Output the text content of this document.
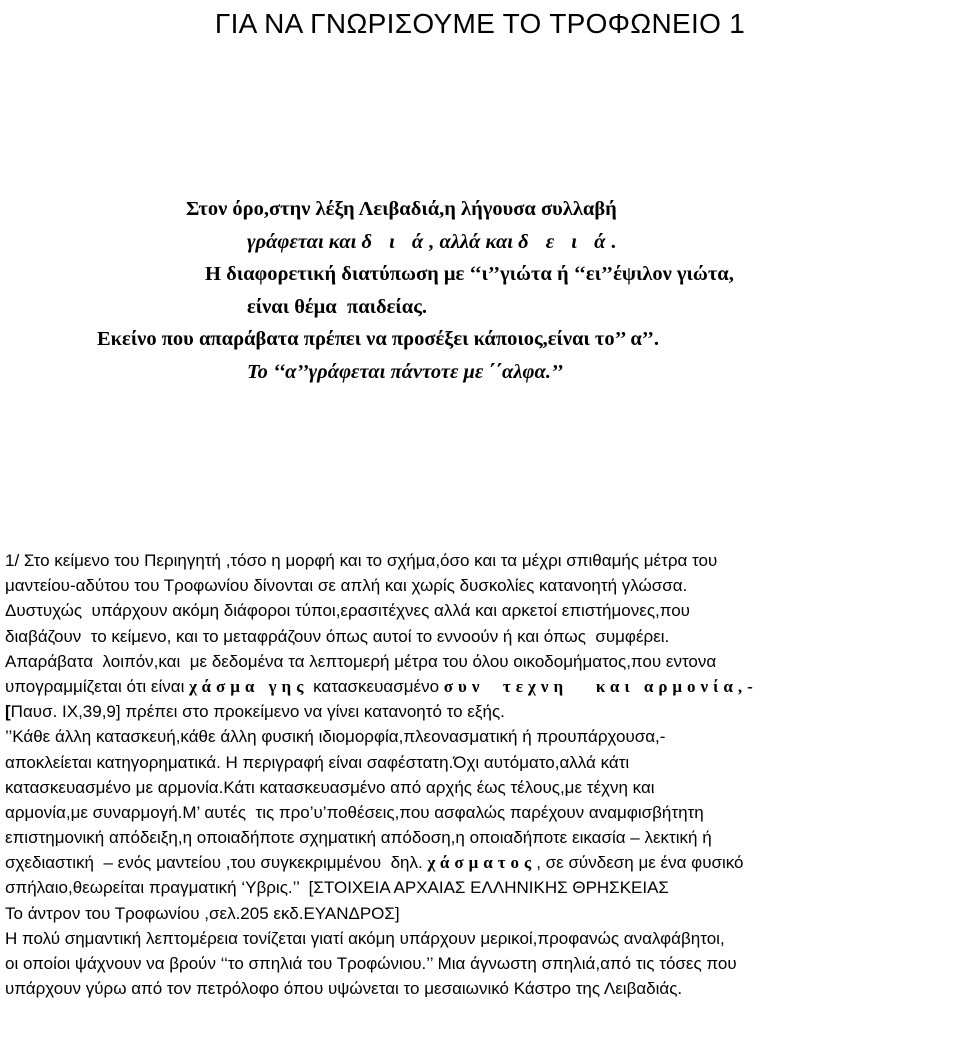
ΓΙΑ ΝΑ ΓΝΩΡΙΣΟΥΜΕ ΤΟ ΤΡΟΦΩΝΕΙΟ 1
Στον όρο,στην λέξη Λειβαδιά,η λήγουσα συλλαβή
γράφεται και δ ι ά, αλλά και δ ε ι ά.
Η διαφορετική διατύπωση με ‘‘ι’’γιώτα ή ‘‘ει’’έψιλον γιώτα,
είναι θέμα  παιδείας.
Εκείνο που απαράβατα πρέπει να προσέξει κάποιος,είναι το’’ α’’.
Το ‘‘α’’γράφεται πάντοτε με ΄΄αλφα.’’
1/ Στο κείμενο του Περιηγητή ,τόσο η μορφή και το σχήμα,όσο και τα μέχρι σπιθαμής μέτρα του
μαντείου-αδύτου του Τροφωνίου δίνονται σε απλή και χωρίς δυσκολίες κατανοητή γλώσσα.
Δυστυχώς  υπάρχουν ακόμη διάφοροι τύποι,ερασιτέχνες αλλά και αρκετοί επιστήμονες,που
διαβάζουν  το κείμενο, και το μεταφράζουν όπως αυτοί το εννοούν ή και όπως  συμφέρει.
Απαράβατα  λοιπόν,και  με δεδομένα τα λεπτομερή μέτρα του όλου οικοδομήματος,που εντονα
υπογραμμίζεται ότι είναι χάσμα γης κατασκευασμένο συν  τεχνη   και αρμονία,-
[Παυσ. ΙΧ,39,9] πρέπει στο προκείμενο να γίνει κατανοητό το εξής.
’’Κάθε άλλη κατασκευή,κάθε άλλη φυσική ιδιομορφία,πλεονασματική ή προυπάρχουσα,-
αποκλείεται κατηγορηματικά. Η περιγραφή είναι σαφέστατη.Όχι αυτόματο,αλλά κάτι
κατασκευασμένο με αρμονία.Κάτι κατασκευασμένο από αρχής έως τέλους,με τέχνη και
αρμονία,με συναρμογή.Μ’ αυτές  τις προ’υ’ποθέσεις,που ασφαλώς παρέχουν αναμφισβήτητη
επιστημονική απόδειξη,η οποιαδήποτε σχηματική απόδοση,η οποιαδήποτε εικασία – λεκτική ή
σχεδιαστική  – ενός μαντείου ,του συγκεκριμμένου  δηλ. χάσματος, σε σύνδεση με ένα φυσικό
σπήλαιο,θεωρείται πραγματική ‘Υβρις.’’  [ΣΤΟΙΧΕΙΑ ΑΡΧΑΙΑΣ ΕΛΛΗΝΙΚΗΣ ΘΡΗΣΚΕΙΑΣ
Το άντρον του Τροφωνίου ,σελ.205 εκδ.ΕΥΑΝΔΡΟΣ]
Η πολύ σημαντική λεπτομέρεια τονίζεται γιατί ακόμη υπάρχουν μερικοί,προφανώς αναλφάβητοι,
οι οποίοι ψάχνουν να βρούν ‘‘το σπηλιά του Τροφώνιου.’’ Μια άγνωστη σπηλιά,από τις τόσες που
υπάρχουν γύρω από τον πετρόλοφο όπου υψώνεται το μεσαιωνικό Κάστρο της Λειβαδιάς.
